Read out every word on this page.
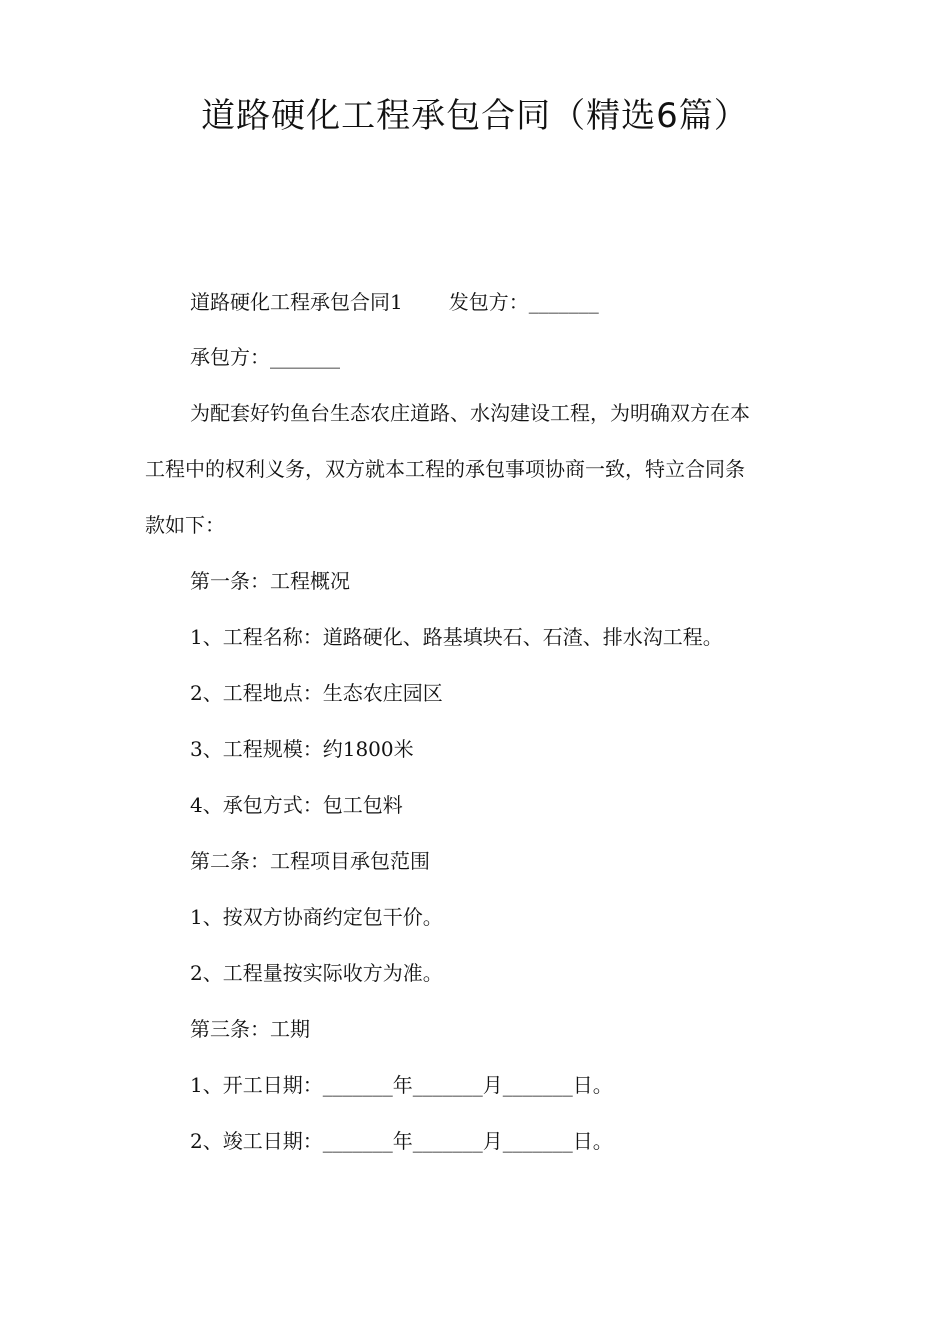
道路硬化工程承包合同（精选6篇）
道路硬化工程承包合同1 发包方：_______
承包方：_______
为配套好钓鱼台生态农庄道路、水沟建设工程，为明确双方在本
工程中的权利义务，双方就本工程的承包事项协商一致，特立合同条
款如下：
第一条：工程概况
1、工程名称：道路硬化、路基填块石、石渣、排水沟工程。
2、工程地点：生态农庄园区
3、工程规模：约1800米
4、承包方式：包工包料
第二条：工程项目承包范围
1、按双方协商约定包干价。
2、工程量按实际收方为准。
第三条：工期
1、开工日期：_______年_______月_______日。
2、竣工日期：_______年_______月_______日。
